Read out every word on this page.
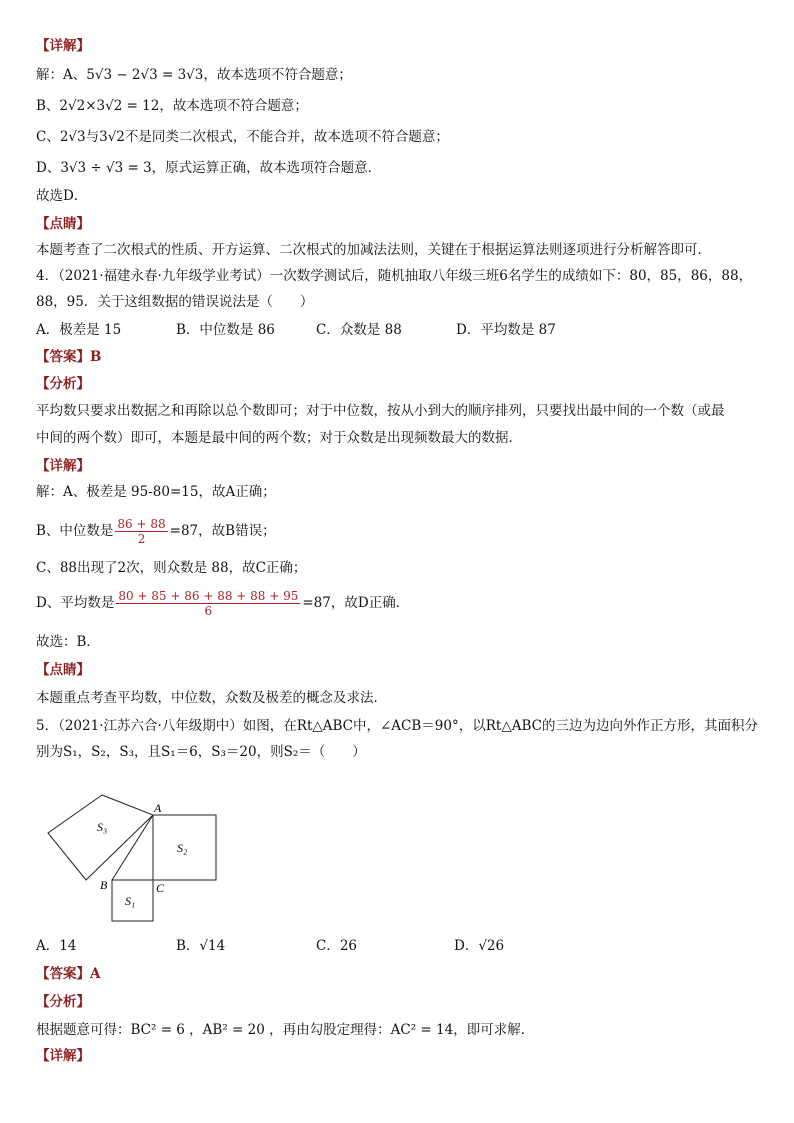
【详解】
解：A、5√3 − 2√3 = 3√3，故本选项不符合题意；
B、2√2×3√2 = 12，故本选项不符合题意；
C、2√3与3√2不是同类二次根式，不能合并，故本选项不符合题意；
D、3√3 ÷ √3 = 3，原式运算正确，故本选项符合题意．
故选D．
【点睛】
本题考查了二次根式的性质、开方运算、二次根式的加减法法则，关键在于根据运算法则逐项进行分析解答即可．
4．（2021·福建永春·九年级学业考试）一次数学测试后，随机抽取八年级三班6名学生的成绩如下：80，85，86，88，
88，95．关于这组数据的错误说法是（　　）
A．极差是 15	B．中位数是 86	C．众数是 88	D．平均数是 87
【答案】B
【分析】
平均数只要求出数据之和再除以总个数即可；对于中位数，按从小到大的顺序排列，只要找出最中间的一个数（或最
中间的两个数）即可，本题是最中间的两个数；对于众数是出现频数最大的数据．
【详解】
解：A、极差是 95-80=15，故A正确；
B、中位数是 $\frac{86 + 88}{2} =87$，故B错误；
C、88出现了2次，则众数是 88，故C正确；
D、平均数是 $\frac{80 + 85 + 86 + 88 + 88 + 95}{6} =87$，故D正确．
故选：B．
【点睛】
本题重点考查平均数，中位数，众数及极差的概念及求法．
5．（2021·江苏六合·八年级期中）如图，在Rt△ABC中，∠ACB＝90°，以Rt△ABC的三边为边向外作正方形，其面积分
别为S₁，S₂，S₃，且S₁＝6，S₃＝20，则S₂＝（　　）
A
B	C
S₃
S₂
S₁
A．14	B．√14	C．26	D．√26
【答案】A
【分析】
根据题意可得：BC² = 6 ，AB² = 20 ，再由勾股定理得：AC² = 14，即可求解．
【详解】
